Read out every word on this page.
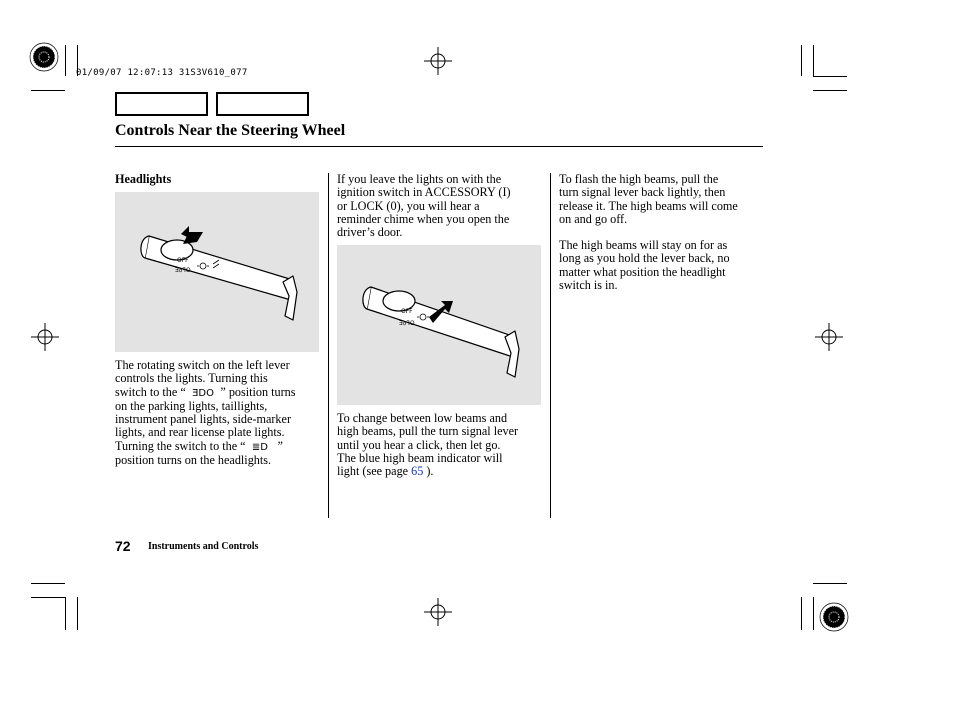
01/09/07 12:07:13 31S3V610_077
Controls Near the Steering Wheel
Headlights
OFF
ƎꝺꟻO
The rotating switch on the left lever
controls the lights. Turning this
switch to the “  ƎDO  ” position turns
on the parking lights, taillights,
instrument panel lights, side-marker
lights, and rear license plate lights.
Turning the switch to the “  ≣D   ”
position turns on the headlights.
If you leave the lights on with the
ignition switch in ACCESSORY (I)
or LOCK (0), you will hear a
reminder chime when you open the
driver’s door.
OFF
ƎꝺꟻO
To change between low beams and
high beams, pull the turn signal lever
until you hear a click, then let go.
The blue high beam indicator will
light (see page 65 ).
To flash the high beams, pull the
turn signal lever back lightly, then
release it. The high beams will come
on and go off.
The high beams will stay on for as
long as you hold the lever back, no
matter what position the headlight
switch is in.
72 Instruments and Controls
